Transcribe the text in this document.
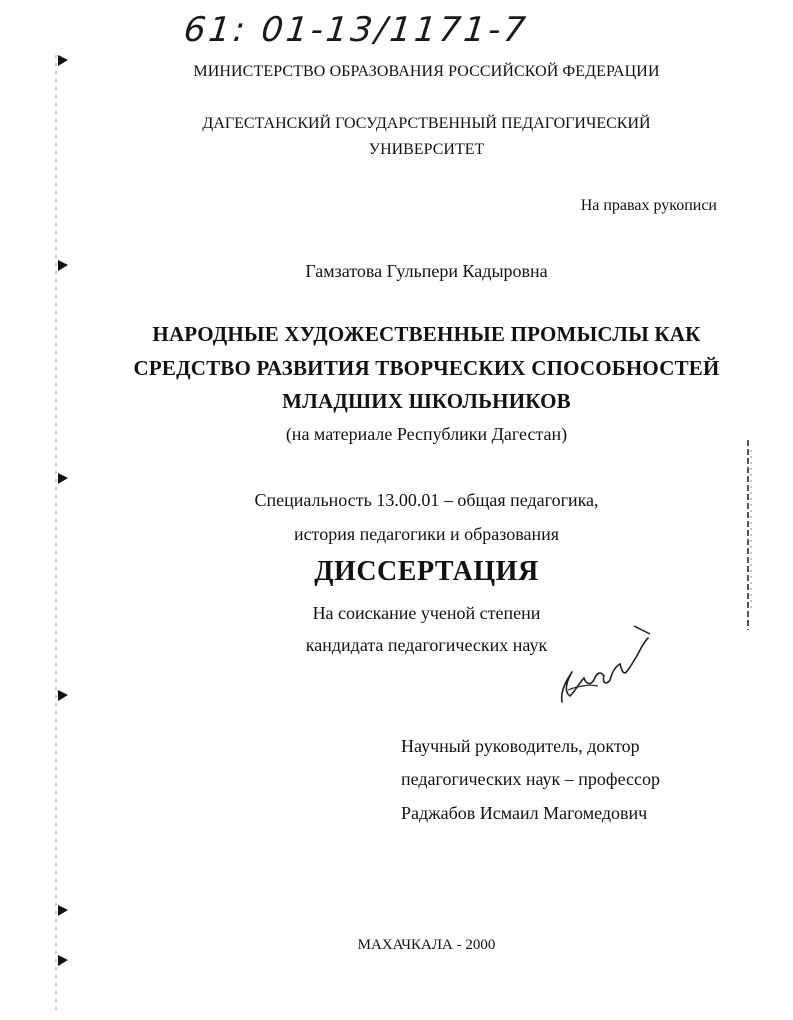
61: 01-13/1171-7
МИНИСТЕРСТВО ОБРАЗОВАНИЯ РОССИЙСКОЙ ФЕДЕРАЦИИ
ДАГЕСТАНСКИЙ ГОСУДАРСТВЕННЫЙ ПЕДАГОГИЧЕСКИЙ
УНИВЕРСИТЕТ
На правах рукописи
Гамзатова Гульпери Кадыровна
НАРОДНЫЕ ХУДОЖЕСТВЕННЫЕ ПРОМЫСЛЫ КАК
СРЕДСТВО РАЗВИТИЯ ТВОРЧЕСКИХ СПОСОБНОСТЕЙ
МЛАДШИХ ШКОЛЬНИКОВ
(на материале Республики Дагестан)
Специальность 13.00.01 – общая педагогика,
история педагогики и образования
ДИССЕРТАЦИЯ
На соискание ученой степени
кандидата педагогических наук
Научный руководитель, доктор
педагогических наук – профессор
Раджабов Исмаил Магомедович
МАХАЧКАЛА - 2000
